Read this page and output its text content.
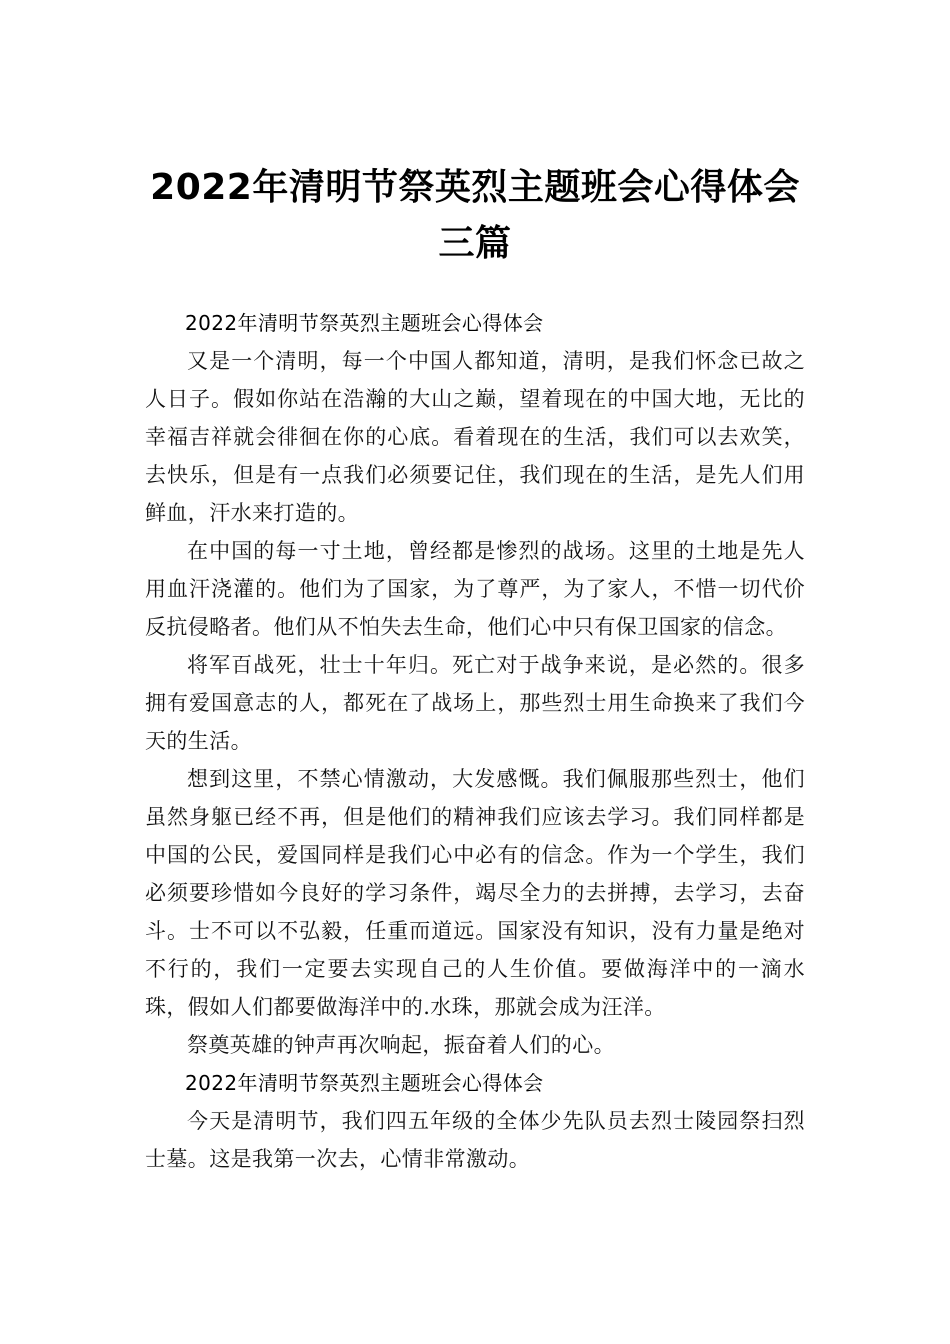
2022年清明节祭英烈主题班会心得体会三篇

2022年清明节祭英烈主题班会心得体会

又是一个清明，每一个中国人都知道，清明，是我们怀念已故之人日子。假如你站在浩瀚的大山之巅，望着现在的中国大地，无比的幸福吉祥就会徘徊在你的心底。看着现在的生活，我们可以去欢笑，去快乐，但是有一点我们必须要记住，我们现在的生活，是先人们用鲜血，汗水来打造的。

在中国的每一寸土地，曾经都是惨烈的战场。这里的土地是先人用血汗浇灌的。他们为了国家，为了尊严，为了家人，不惜一切代价反抗侵略者。他们从不怕失去生命，他们心中只有保卫国家的信念。

将军百战死，壮士十年归。死亡对于战争来说，是必然的。很多拥有爱国意志的人，都死在了战场上，那些烈士用生命换来了我们今天的生活。

想到这里，不禁心情激动，大发感慨。我们佩服那些烈士，他们虽然身躯已经不再，但是他们的精神我们应该去学习。我们同样都是中国的公民，爱国同样是我们心中必有的信念。作为一个学生，我们必须要珍惜如今良好的学习条件，竭尽全力的去拼搏，去学习，去奋斗。士不可以不弘毅，任重而道远。国家没有知识，没有力量是绝对不行的，我们一定要去实现自己的人生价值。要做海洋中的一滴水珠，假如人们都要做海洋中的.水珠，那就会成为汪洋。

祭奠英雄的钟声再次响起，振奋着人们的心。

2022年清明节祭英烈主题班会心得体会

今天是清明节，我们四五年级的全体少先队员去烈士陵园祭扫烈士墓。这是我第一次去，心情非常激动。
